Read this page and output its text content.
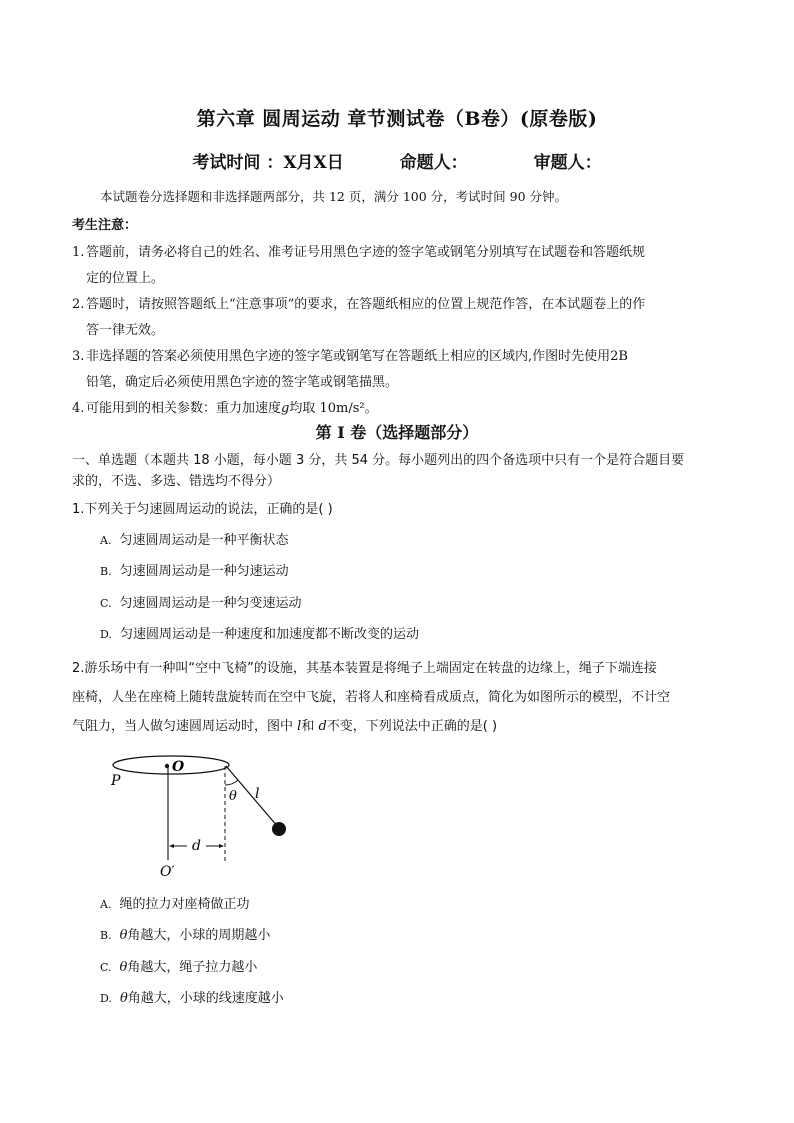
第六章 圆周运动 章节测试卷（B卷）(原卷版)
考试时间 ：X月X日	命题人：	审题人：
本试题卷分选择题和非选择题两部分，共 12 页，满分 100 分，考试时间 90 分钟。
考生注意：
1. 答题前，请务必将自己的姓名、准考证号用黑色字迹的签字笔或钢笔分别填写在试题卷和答题纸规
定的位置上。
2. 答题时，请按照答题纸上“注意事项”的要求，在答题纸相应的位置上规范作答，在本试题卷上的作
答一律无效。
3. 非选择题的答案必须使用黑色字迹的签字笔或钢笔写在答题纸上相应的区域内,作图时先使用2B
铅笔，确定后必须使用黑色字迹的签字笔或钢笔描黑。
4. 可能用到的相关参数：重力加速度g均取 10m/s²。
第 I 卷（选择题部分）
一、单选题（本题共 18 小题，每小题 3 分，共 54 分。每小题列出的四个备选项中只有一个是符合题目要
求的，不选、多选、错选均不得分）
1.下列关于匀速圆周运动的说法，正确的是( )
A. 匀速圆周运动是一种平衡状态
B. 匀速圆周运动是一种匀速运动
C. 匀速圆周运动是一种匀变速运动
D. 匀速圆周运动是一种速度和加速度都不断改变的运动
2.游乐场中有一种叫“空中飞椅”的设施，其基本装置是将绳子上端固定在转盘的边缘上，绳子下端连接
座椅，人坐在座椅上随转盘旋转而在空中飞旋，若将人和座椅看成质点，简化为如图所示的模型，不计空
气阻力，当人做匀速圆周运动时，图中 l和 d不变，下列说法中正确的是( )
P
O
O′
θ l
d
A. 绳的拉力对座椅做正功
B. θ角越大，小球的周期越小
C. θ角越大，绳子拉力越小
D. θ角越大，小球的线速度越小
